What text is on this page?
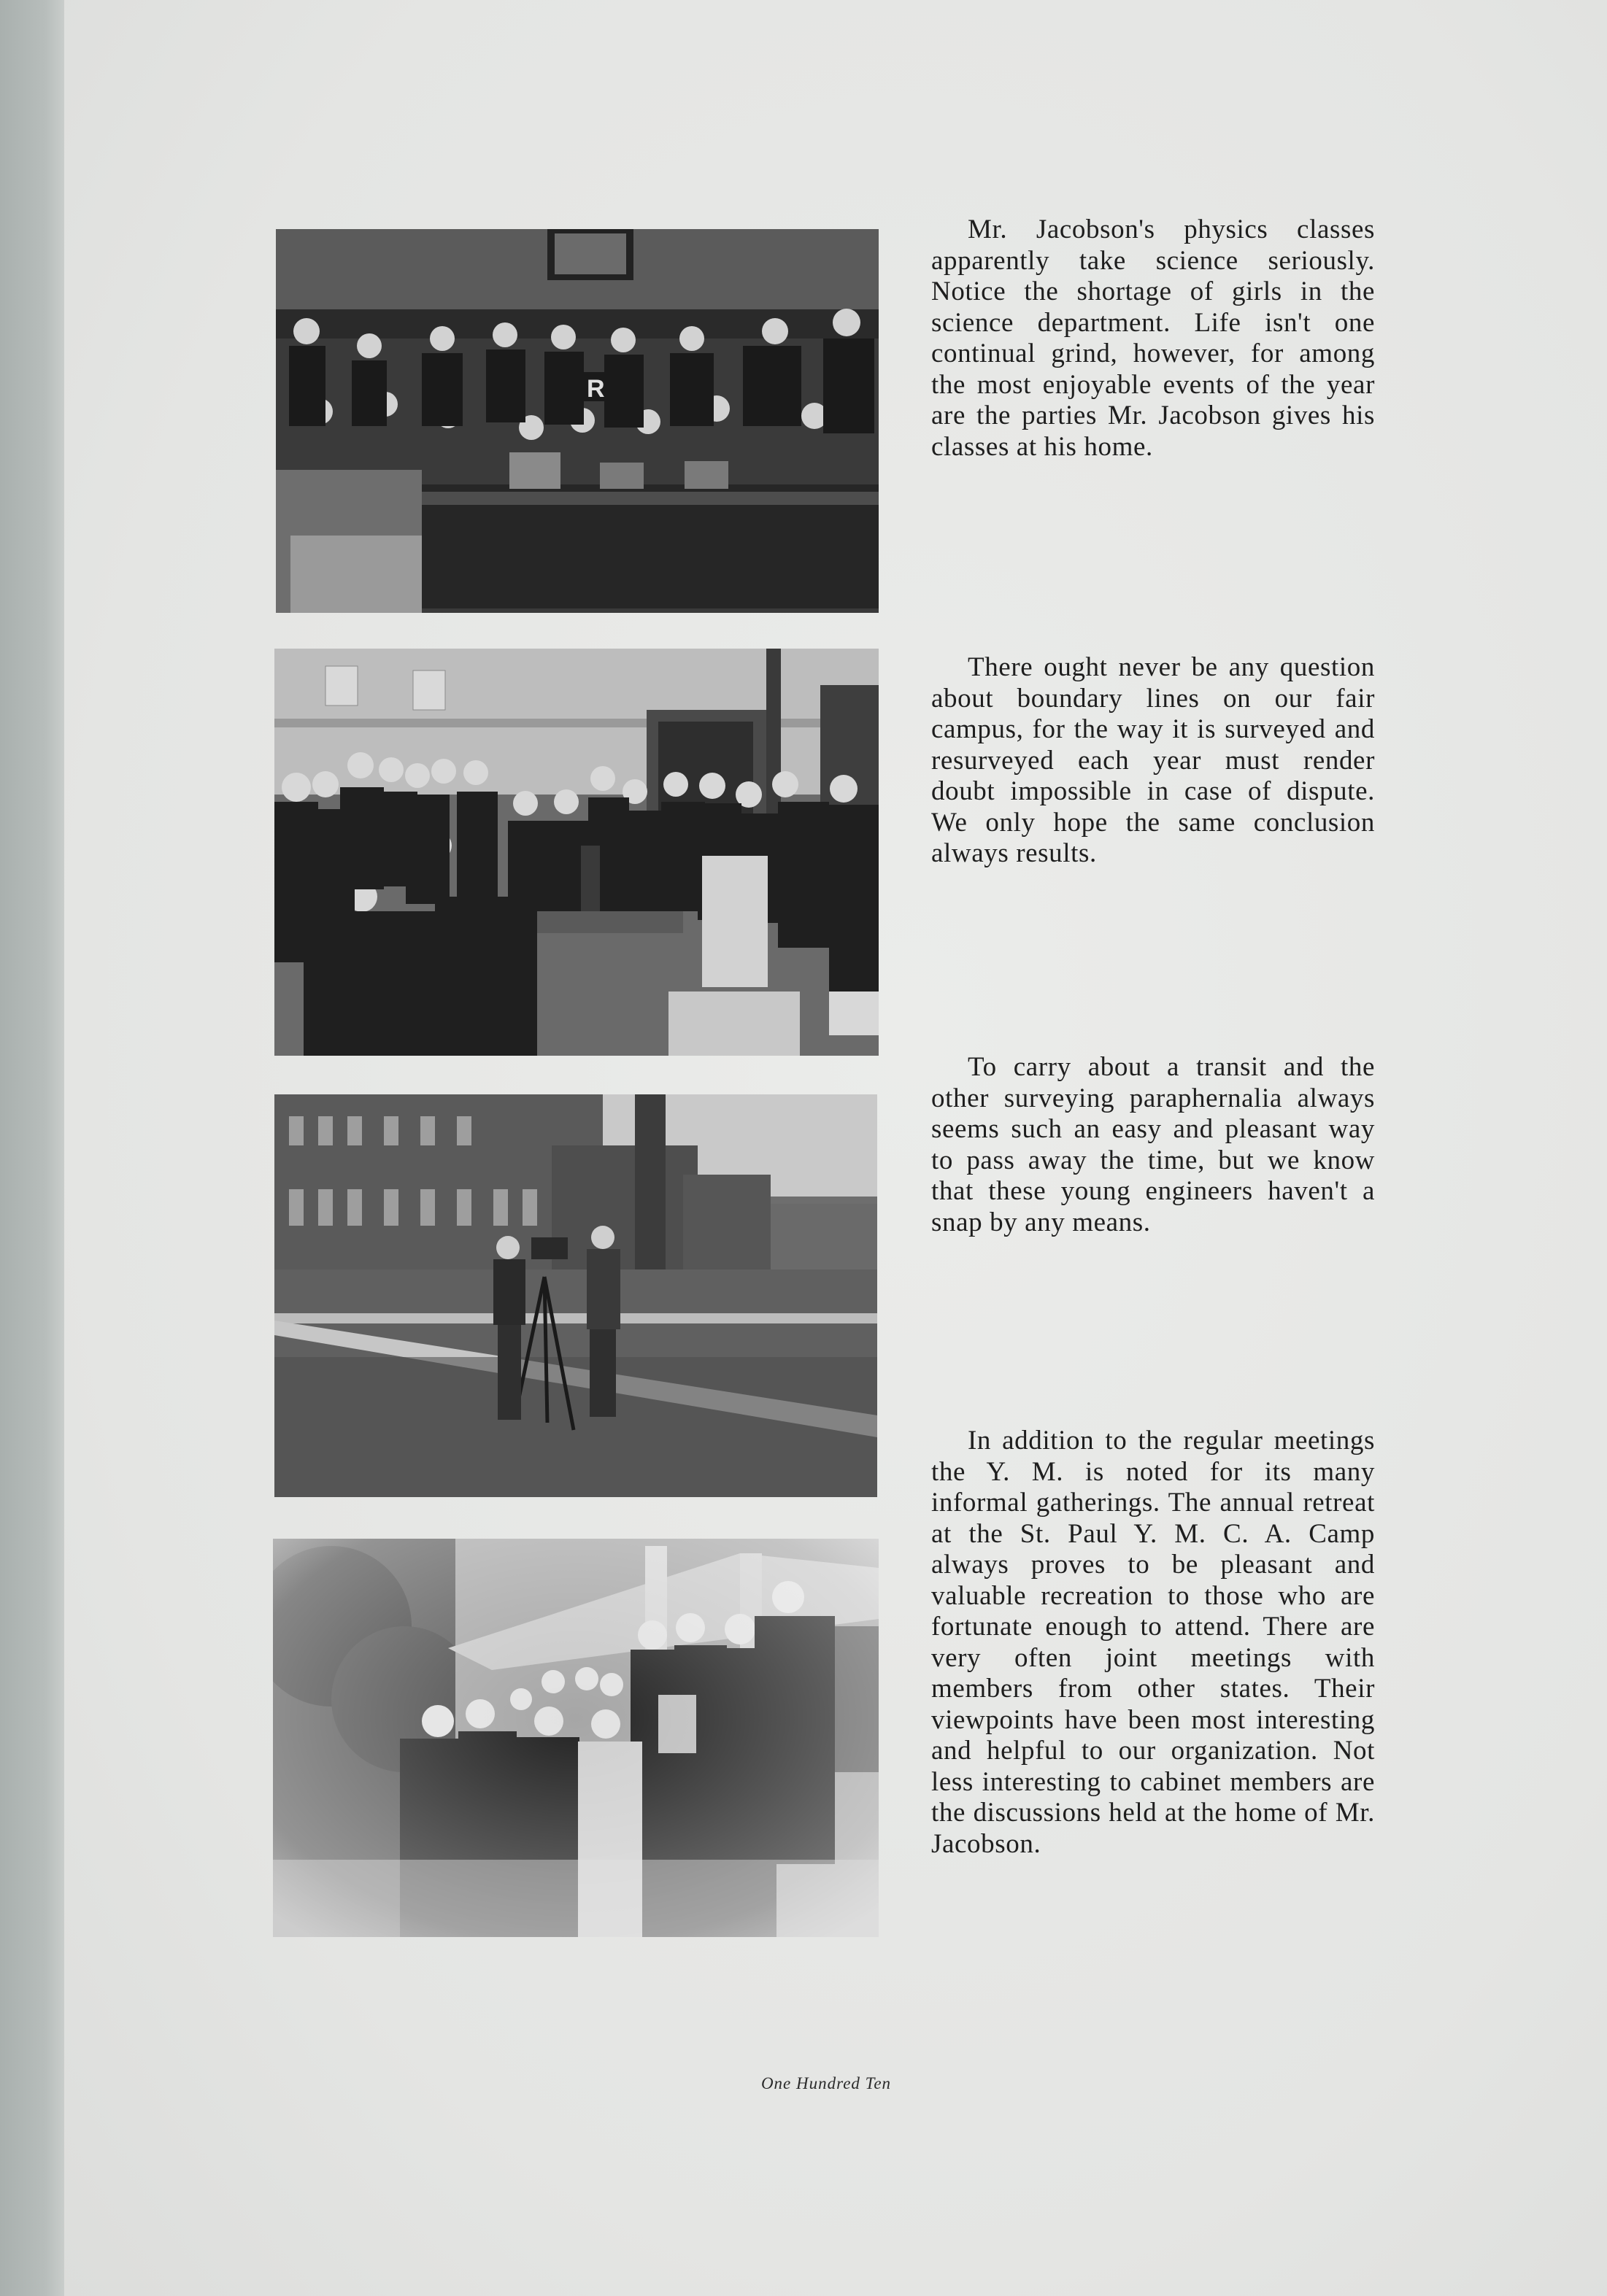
R

Mr. Jacobson's physics classes apparently take science seriously. Notice the shortage of girls in the science department. Life isn't one continual grind, however, for among the most enjoyable events of the year are the parties Mr. Jacobson gives his classes at his home.

There ought never be any question about boundary lines on our fair campus, for the way it is surveyed and resurveyed each year must render doubt impossible in case of dispute. We only hope the same conclusion always results.

To carry about a transit and the other surveying paraphernalia always seems such an easy and pleasant way to pass away the time, but we know that these young engineers haven't a snap by any means.

In addition to the regular meetings the Y. M. is noted for its many informal gatherings. The annual retreat at the St. Paul Y. M. C. A. Camp always proves to be pleasant and valuable recreation to those who are fortunate enough to attend. There are very often joint meetings with members from other states. Their viewpoints have been most interesting and helpful to our organization. Not less interesting to cabinet members are the discussions held at the home of Mr. Jacobson.

One Hundred Ten
